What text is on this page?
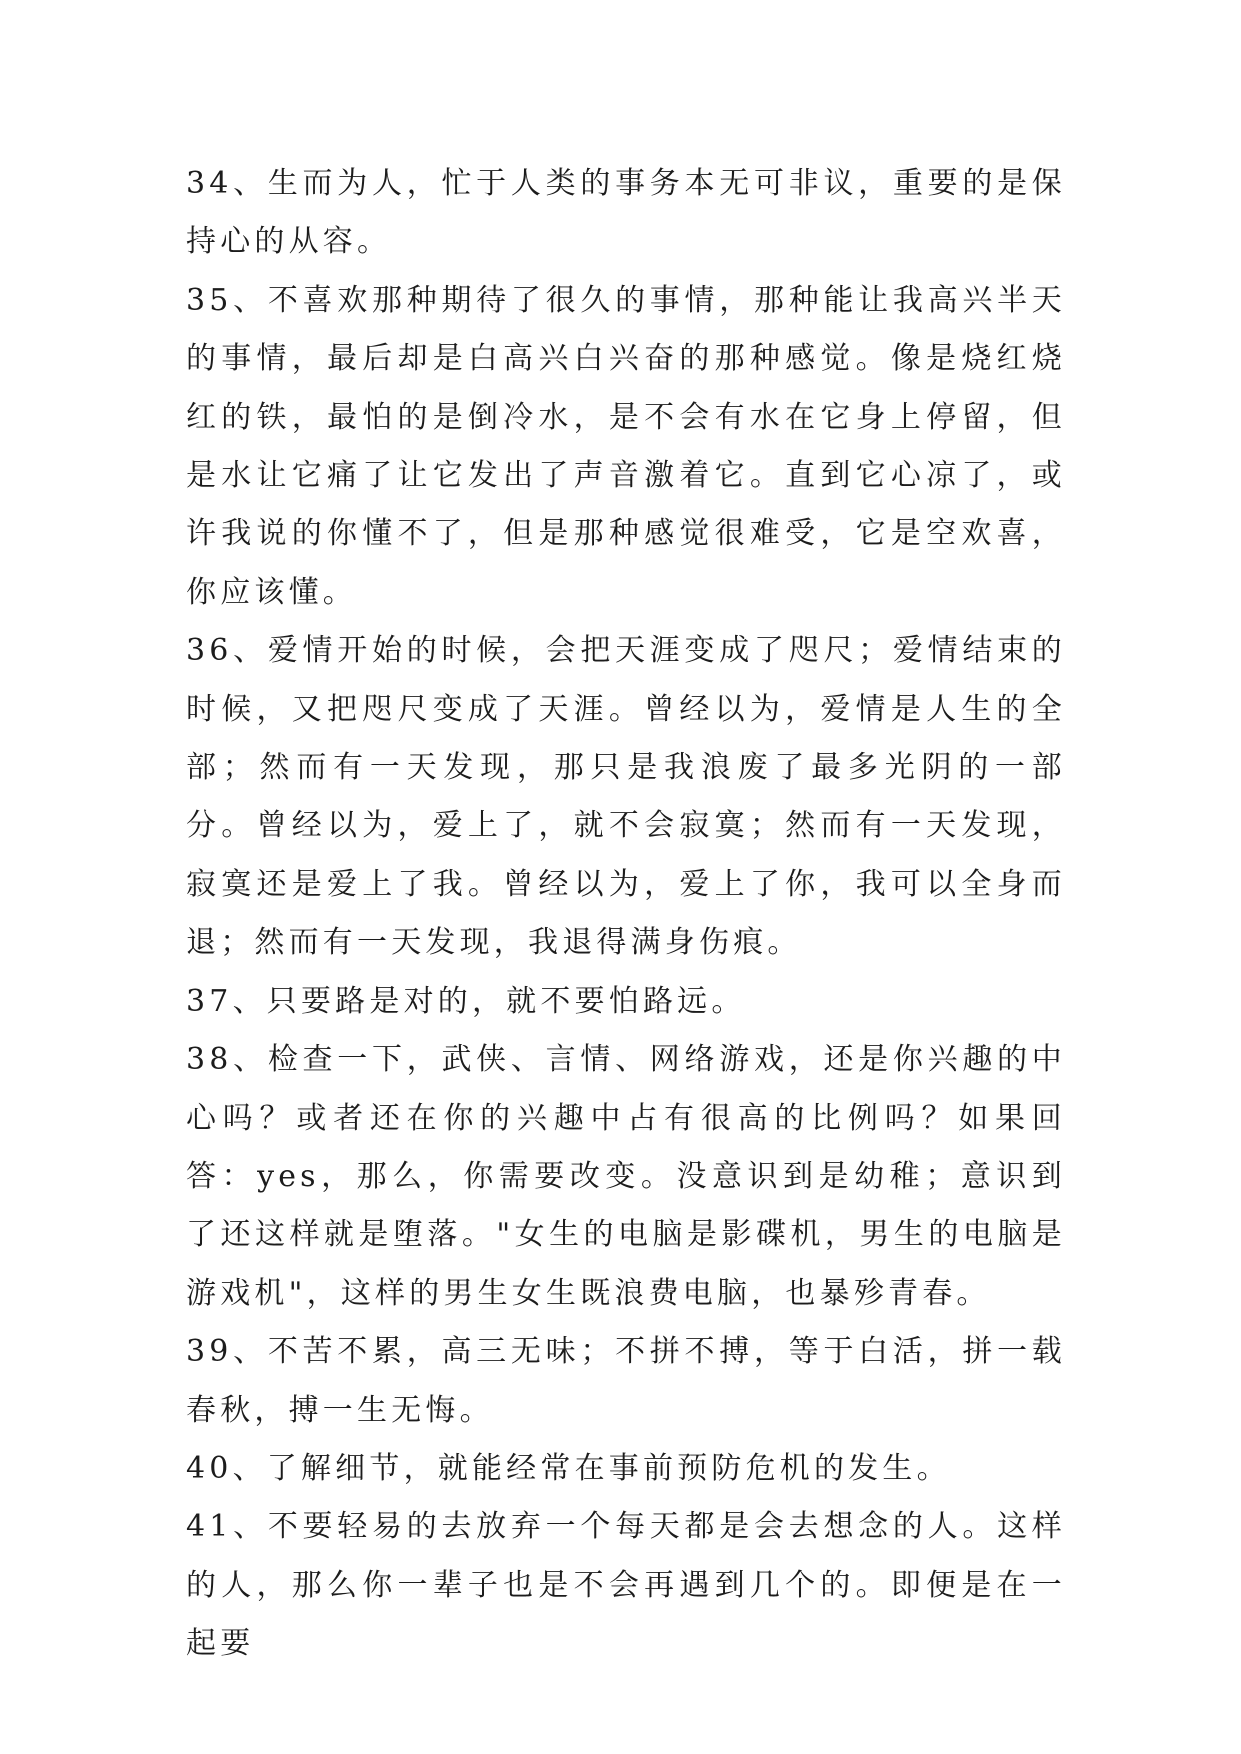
34、生而为人，忙于人类的事务本无可非议，重要的是保持心的从容。

35、不喜欢那种期待了很久的事情，那种能让我高兴半天的事情，最后却是白高兴白兴奋的那种感觉。像是烧红烧红的铁，最怕的是倒冷水，是不会有水在它身上停留，但是水让它痛了让它发出了声音激着它。直到它心凉了，或许我说的你懂不了，但是那种感觉很难受，它是空欢喜，你应该懂。

36、爱情开始的时候，会把天涯变成了咫尺；爱情结束的时候，又把咫尺变成了天涯。曾经以为，爱情是人生的全部；然而有一天发现，那只是我浪废了最多光阴的一部分。曾经以为，爱上了，就不会寂寞；然而有一天发现，寂寞还是爱上了我。曾经以为，爱上了你，我可以全身而退；然而有一天发现，我退得满身伤痕。

37、只要路是对的，就不要怕路远。

38、检查一下，武侠、言情、网络游戏，还是你兴趣的中心吗？或者还在你的兴趣中占有很高的比例吗？如果回答：yes，那么，你需要改变。没意识到是幼稚；意识到了还这样就是堕落。"女生的电脑是影碟机，男生的电脑是游戏机"，这样的男生女生既浪费电脑，也暴殄青春。

39、不苦不累，高三无味；不拼不搏，等于白活，拼一载春秋，搏一生无悔。

40、了解细节，就能经常在事前预防危机的发生。

41、不要轻易的去放弃一个每天都是会去想念的人。这样的人，那么你一辈子也是不会再遇到几个的。即便是在一起要
